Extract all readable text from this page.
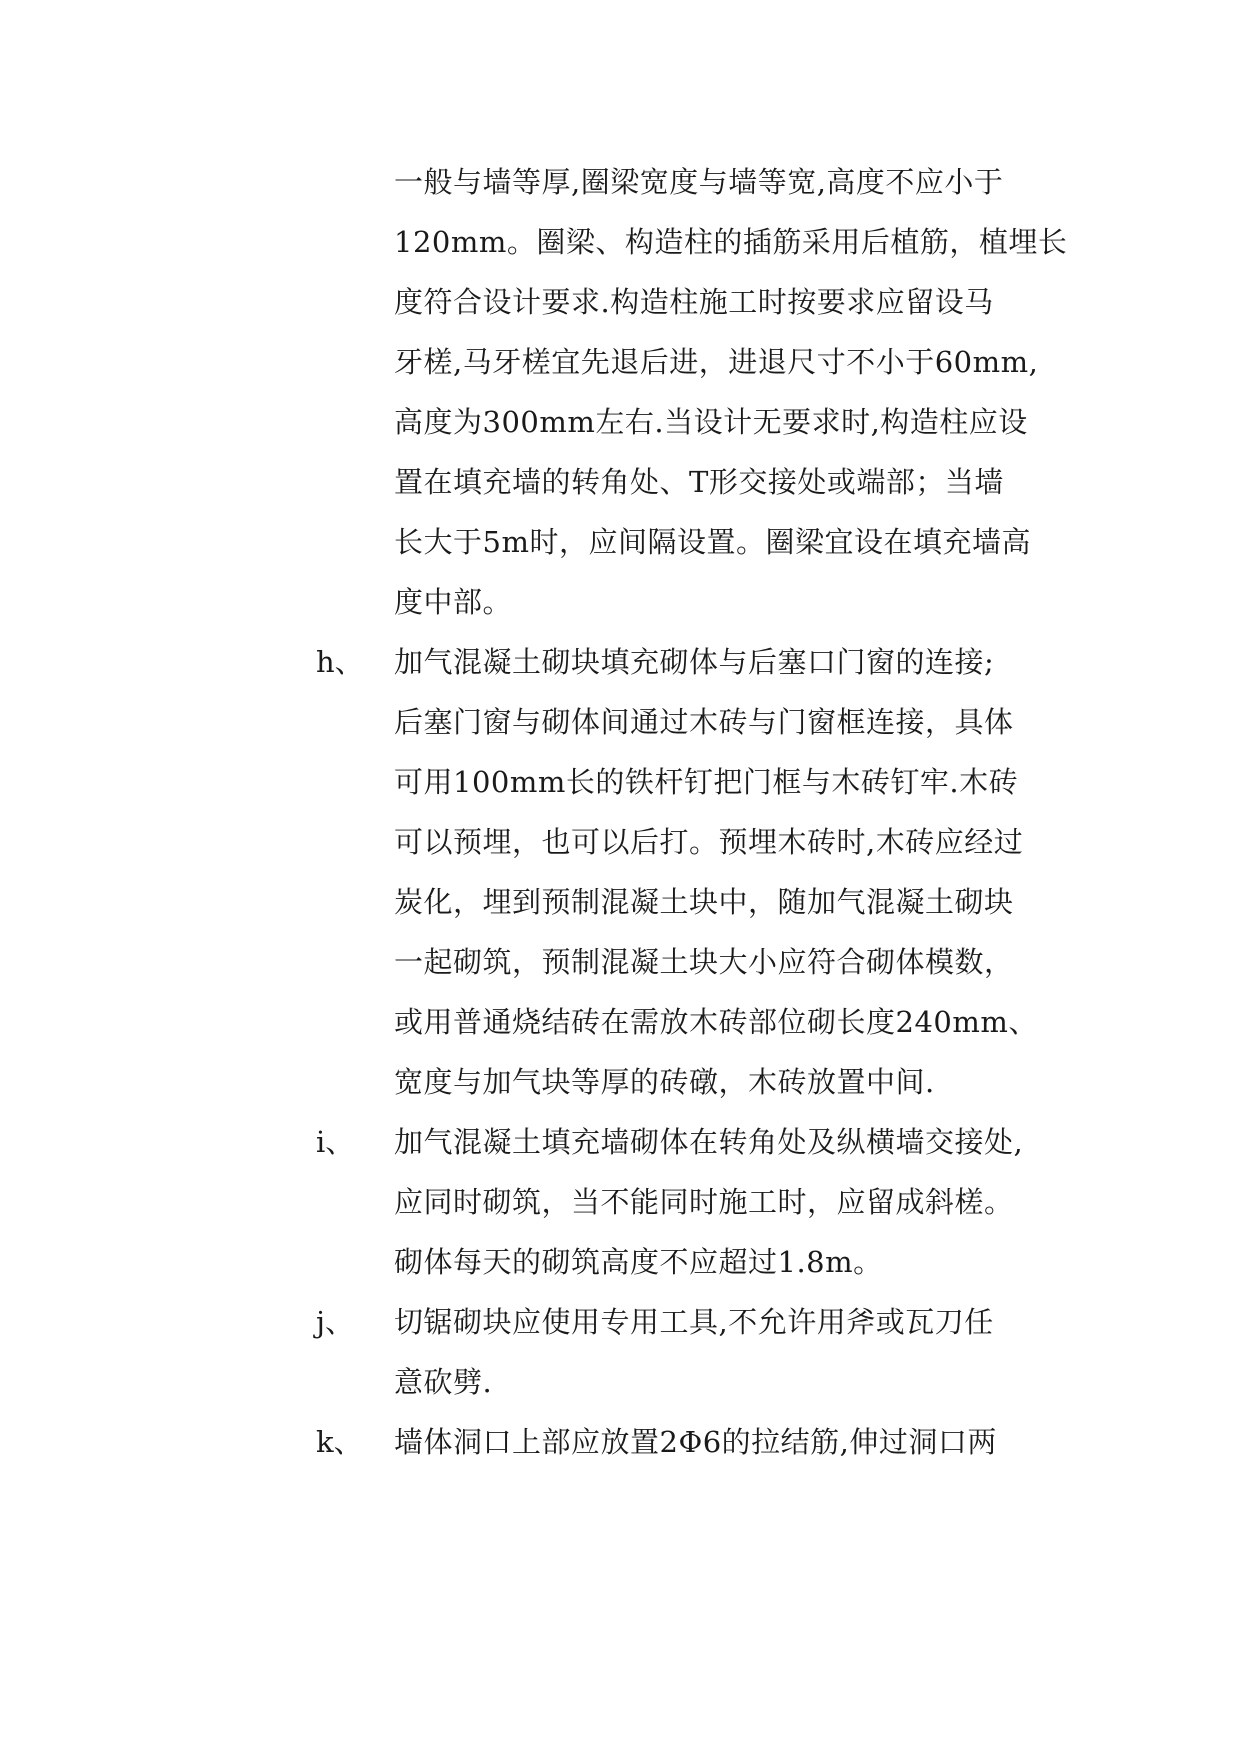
一般与墙等厚,圈梁宽度与墙等宽,高度不应小于
120mm。圈梁、构造柱的插筋采用后植筋，植埋长
度符合设计要求.构造柱施工时按要求应留设马
牙槎,马牙槎宜先退后进，进退尺寸不小于60mm,
高度为300mm左右.当设计无要求时,构造柱应设
置在填充墙的转角处、T形交接处或端部；当墙
长大于5m时，应间隔设置。圈梁宜设在填充墙高
度中部。
h、 加气混凝土砌块填充砌体与后塞口门窗的连接;
后塞门窗与砌体间通过木砖与门窗框连接，具体
可用100mm长的铁杆钉把门框与木砖钉牢.木砖
可以预埋，也可以后打。预埋木砖时,木砖应经过
炭化，埋到预制混凝土块中，随加气混凝土砌块
一起砌筑，预制混凝土块大小应符合砌体模数，
或用普通烧结砖在需放木砖部位砌长度240mm、
宽度与加气块等厚的砖礅，木砖放置中间.
i、 加气混凝土填充墙砌体在转角处及纵横墙交接处,
应同时砌筑，当不能同时施工时，应留成斜槎。
砌体每天的砌筑高度不应超过1.8m。
j、 切锯砌块应使用专用工具,不允许用斧或瓦刀任
意砍劈.
k、 墙体洞口上部应放置2Φ6的拉结筋,伸过洞口两
